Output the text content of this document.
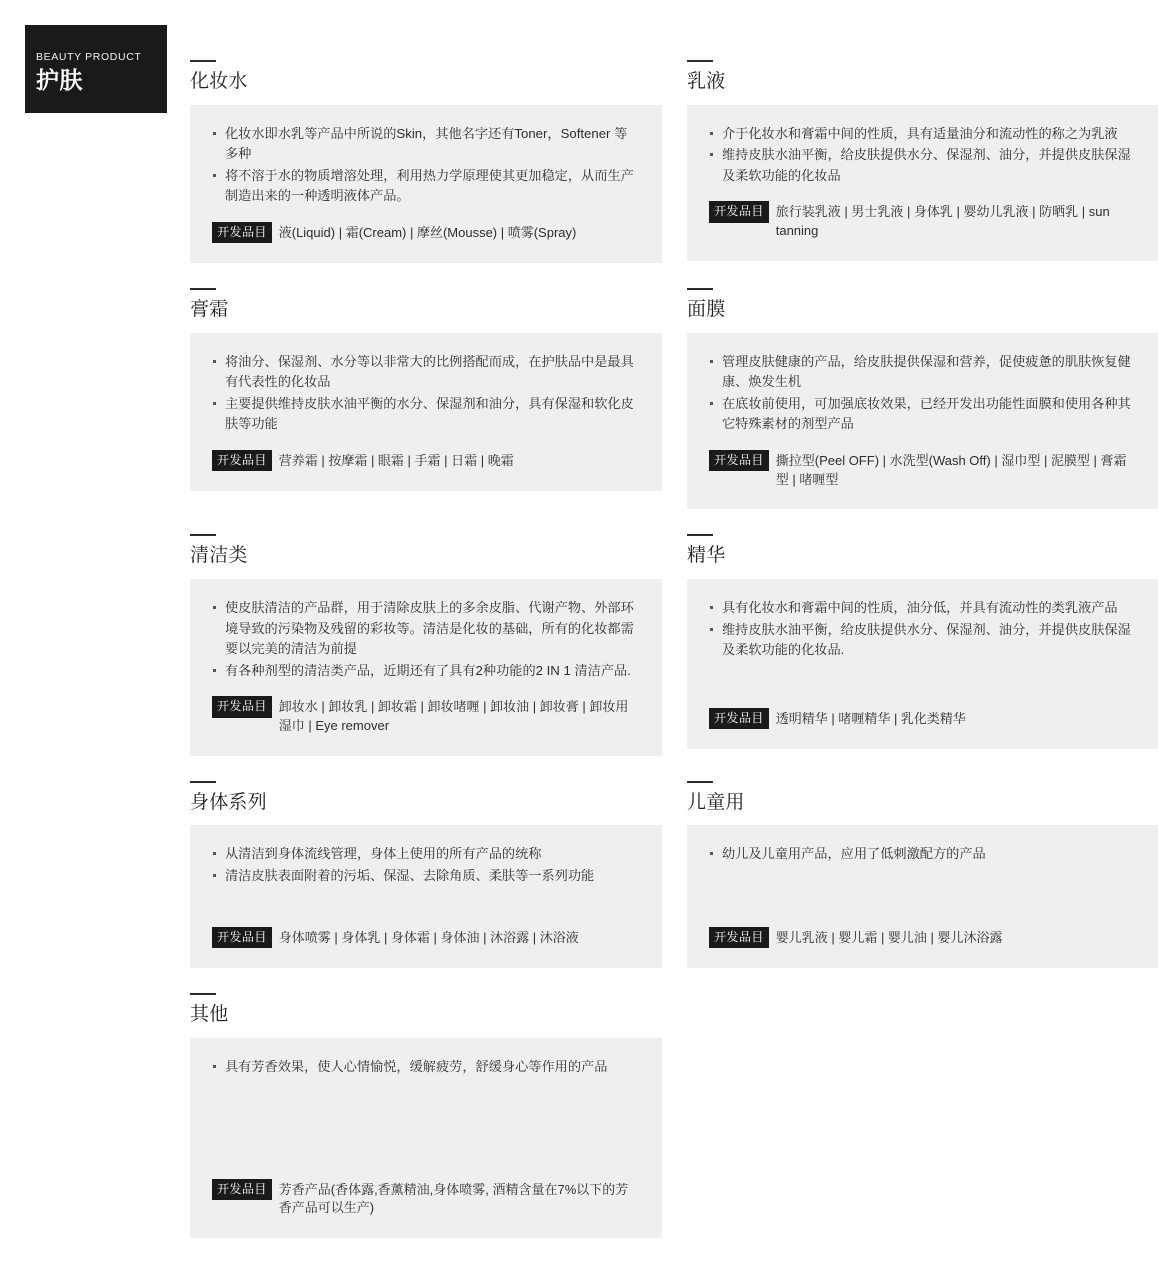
BEAUTY PRODUCT
护肤	化妆水
化妆水即水乳等产品中所说的Skin，其他名字还有Toner，Softener 等多种
将不溶于水的物质增溶处理，利用热力学原理使其更加稳定，从而生产制造出来的一种透明液体产品。
开发品目 液(Liquid) | 霜(Cream) | 摩丝(Mousse) | 喷雾(Spray)
乳液
介于化妆水和膏霜中间的性质，具有适量油分和流动性的称之为乳液
维持皮肤水油平衡，给皮肤提供水分、保湿剂、油分，并提供皮肤保湿及柔软功能的化妆品
开发品目 旅行装乳液 | 男士乳液 | 身体乳 | 婴幼儿乳液 | 防晒乳 | sun tanning
膏霜
将油分、保湿剂、水分等以非常大的比例搭配而成，在护肤品中是最具有代表性的化妆品
主要提供维持皮肤水油平衡的水分、保湿剂和油分，具有保湿和软化皮肤等功能
开发品目 营养霜 | 按摩霜 | 眼霜 | 手霜 | 日霜 | 晚霜
面膜
管理皮肤健康的产品，给皮肤提供保湿和营养，促使疲惫的肌肤恢复健康、焕发生机
在底妆前使用，可加强底妆效果，已经开发出功能性面膜和使用各种其它特殊素材的剂型产品
开发品目 撕拉型(Peel OFF) | 水洗型(Wash Off) | 湿巾型 | 泥膜型 | 膏霜型 | 啫喱型
清洁类
使皮肤清洁的产品群，用于清除皮肤上的多余皮脂、代谢产物、外部环境导致的污染物及残留的彩妆等。清洁是化妆的基础，所有的化妆都需要以完美的清洁为前提
有各种剂型的清洁类产品，近期还有了具有2种功能的2 IN 1 清洁产品.
开发品目 卸妆水 | 卸妆乳 | 卸妆霜 | 卸妆啫喱 | 卸妆油 | 卸妆膏 | 卸妆用湿巾 | Eye remover
精华
具有化妆水和膏霜中间的性质，油分低，并具有流动性的类乳液产品
维持皮肤水油平衡，给皮肤提供水分、保湿剂、油分，并提供皮肤保湿及柔软功能的化妆品.
开发品目 透明精华 | 啫喱精华 | 乳化类精华
身体系列
从清洁到身体流线管理，身体上使用的所有产品的统称
清洁皮肤表面附着的污垢、保湿、去除角质、柔肤等一系列功能
开发品目 身体喷雾 | 身体乳 | 身体霜 | 身体油 | 沐浴露 | 沐浴液
儿童用
幼儿及儿童用产品，应用了低刺激配方的产品
开发品目 婴儿乳液 | 婴儿霜 | 婴儿油 | 婴儿沐浴露
其他
具有芳香效果，使人心情愉悦，缓解疲劳，舒缓身心等作用的产品
开发品目 芳香产品(香体露,香薰精油,身体喷雾, 酒精含量在7%以下的芳香产品可以生产)
